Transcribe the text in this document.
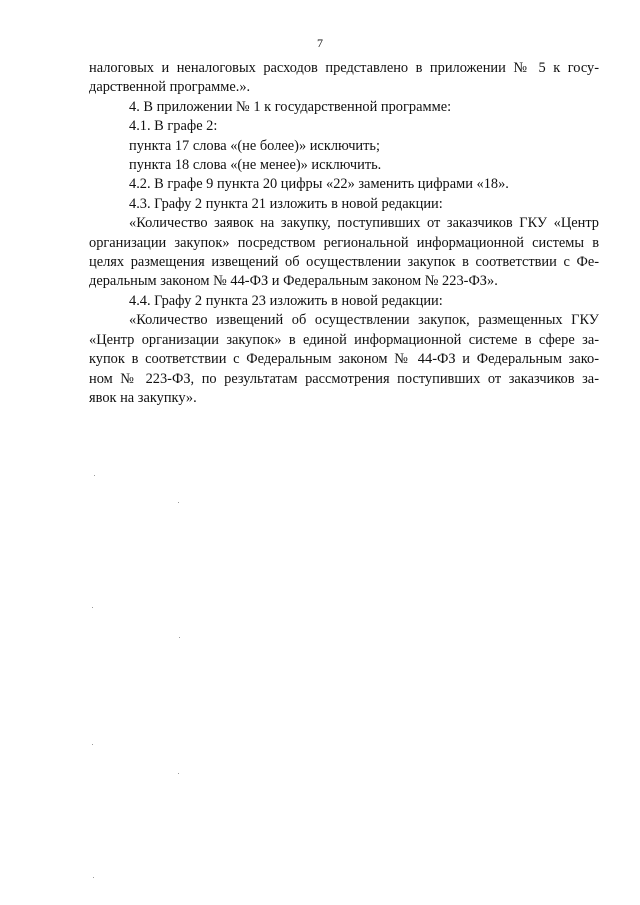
7
налоговых и неналоговых расходов представлено в приложении № 5 к госу-
дарственной программе.».
4. В приложении № 1 к государственной программе:
4.1. В графе 2:
пункта 17 слова «(не более)» исключить;
пункта 18 слова «(не менее)» исключить.
4.2. В графе 9 пункта 20 цифры «22» заменить цифрами «18».
4.3. Графу 2 пункта 21 изложить в новой редакции:
«Количество заявок на закупку, поступивших от заказчиков ГКУ «Центр
организации закупок» посредством региональной информационной системы в
целях размещения извещений об осуществлении закупок в соответствии с Фе-
деральным законом № 44-ФЗ и Федеральным законом № 223-ФЗ».
4.4. Графу 2 пункта 23 изложить в новой редакции:
«Количество извещений об осуществлении закупок, размещенных ГКУ
«Центр организации закупок» в единой информационной системе в сфере за-
купок в соответствии с Федеральным законом № 44-ФЗ и Федеральным зако-
ном № 223-ФЗ, по результатам рассмотрения поступивших от заказчиков за-
явок на закупку».
